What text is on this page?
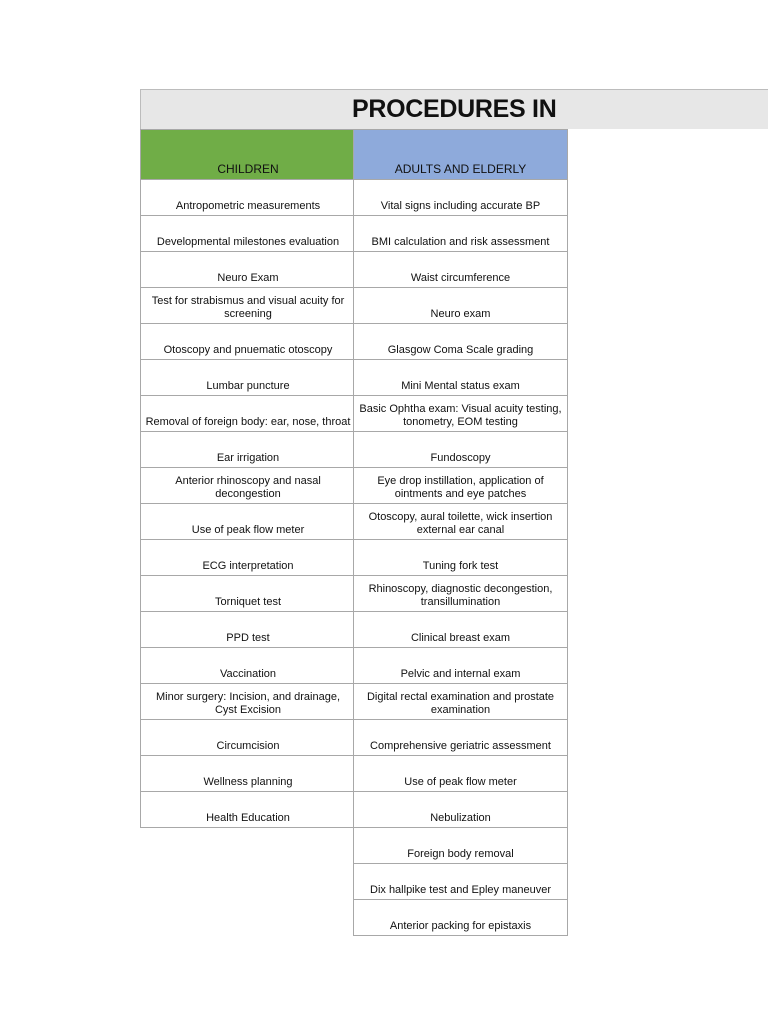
PROCEDURES IN
CHILDREN
Antropometric measurements
Developmental milestones evaluation
Neuro Exam
Test for strabismus and visual acuity for screening
Otoscopy and pnuematic otoscopy
Lumbar puncture
Removal of foreign body: ear, nose, throat
Ear irrigation
Anterior rhinoscopy and nasal decongestion
Use of peak flow meter
ECG interpretation
Torniquet test
PPD test
Vaccination
Minor surgery: Incision, and drainage, Cyst Excision
Circumcision
Wellness planning
Health Education
ADULTS AND ELDERLY
Vital signs including accurate BP
BMI calculation and risk assessment
Waist circumference
Neuro exam
Glasgow Coma Scale grading
Mini Mental status exam
Basic Ophtha exam: Visual acuity testing, tonometry, EOM testing
Fundoscopy
Eye drop instillation, application of ointments and eye patches
Otoscopy, aural toilette, wick insertion external ear canal
Tuning fork test
Rhinoscopy, diagnostic decongestion, transillumination
Clinical breast exam
Pelvic and internal exam
Digital rectal examination and prostate examination
Comprehensive geriatric assessment
Use of peak flow meter
Nebulization
Foreign body removal
Dix hallpike test and Epley maneuver
Anterior packing for epistaxis
